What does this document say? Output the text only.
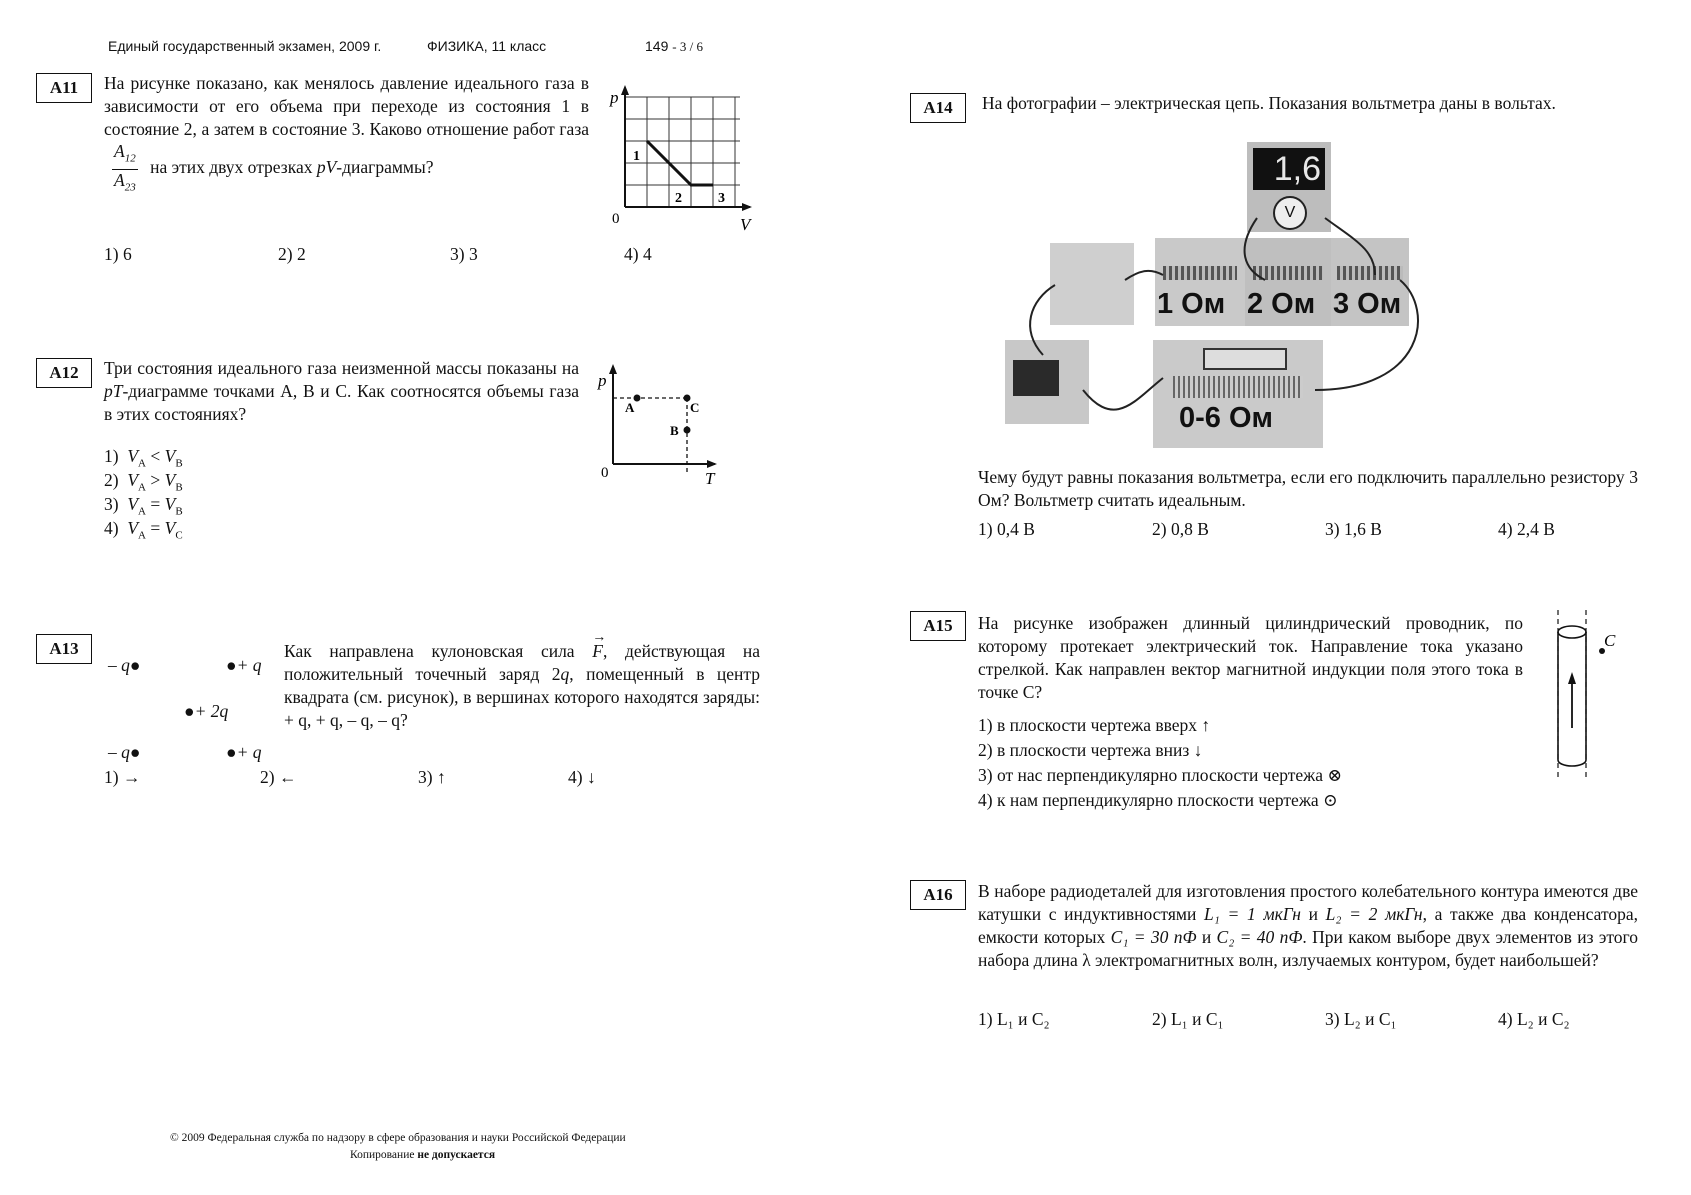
Единый государственный экзамен, 2009 г.	ФИЗИКА, 11 класс	149 - 3 / 6
А11	На рисунке показано, как менялось давление идеального газа в зависимости от его объема при переходе из состояния 1 в состояние 2, а затем в состояние 3. Каково отношение работ газа
$\frac{A_{12}}{A_{23}}$ на этих двух отрезках pV-диаграммы?
p
V
0
1
2	3
1) 6	2) 2	3) 3	4) 4
А12	Три состояния идеального газа неизменной массы показаны на pT-диаграмме точками А, В и С. Как соотносятся объемы газа в этих состояниях?
1) $V_A < V_B$
2) $V_A > V_B$
3) $V_A = V_B$
4) $V_A = V_C$
p
T
0
A	C
B
А13
– q●	●+ q
●+ 2q
– q●	●+ q
Как направлена кулоновская сила
→
F, действующая на положительный точечный заряд 2q, помещенный в центр квадрата (см. рисунок), в вершинах которого находятся заряды: + q, + q, – q, – q?
1) →	2) ←	3) ↑	4) ↓
А14	На фотографии – электрическая цепь. Показания вольтметра даны в вольтах.
1,6
V
1 Ом 2 Ом 3 Ом
0-6 Ом
Чему будут равны показания вольтметра, если его подключить параллельно резистору 3 Ом? Вольтметр считать идеальным.
1) 0,4 В	2) 0,8 В	3) 1,6 В	4) 2,4 В
А15	На рисунке изображен длинный цилиндрический проводник, по которому протекает электрический ток. Направление тока указано стрелкой. Как направлен вектор магнитной индукции поля этого тока в точке С?
1) в плоскости чертежа вверх ↑
2) в плоскости чертежа вниз ↓
3) от нас перпендикулярно плоскости чертежа ⊗
4) к нам перпендикулярно плоскости чертежа ⊙
C
А16	В наборе радиодеталей для изготовления простого колебательного контура имеются две катушки с индуктивностями L₁ = 1 мкГн и L₂ = 2 мкГн, а также два конденсатора, емкости которых C₁ = 30 пФ и C₂ = 40 пФ. При каком выборе двух элементов из этого набора длина λ электромагнитных волн, излучаемых контуром, будет наибольшей?
1) L₁ и C₂	2) L₁ и C₁	3) L₂ и C₁	4) L₂ и C₂
© 2009 Федеральная служба по надзору в сфере образования и науки Российской Федерации
Копирование не допускается
